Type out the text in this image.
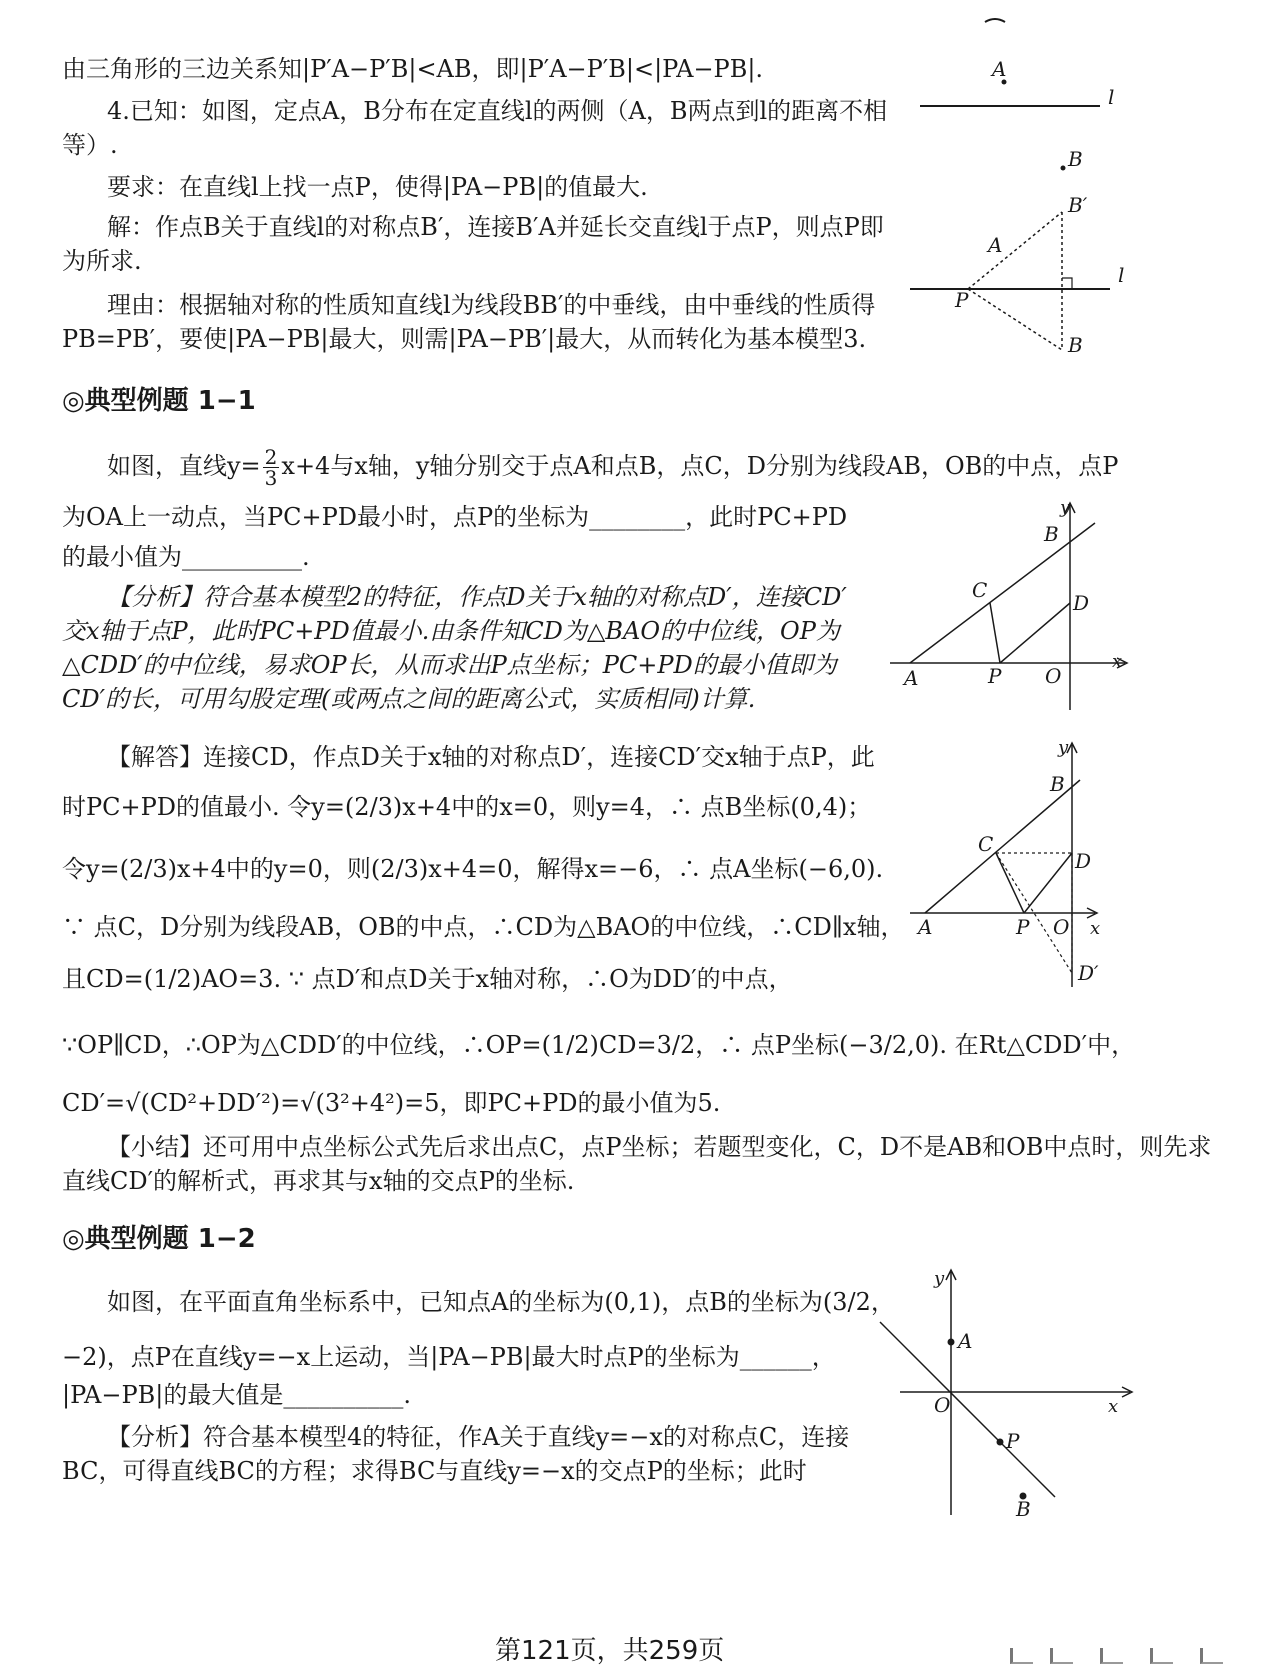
由三角形的三边关系知|P′A−P′B|<AB，即|P′A−P′B|<|PA−PB|.
4.已知：如图，定点A，B分布在定直线l的两侧（A，B两点到l的距离不相等）.
要求：在直线l上找一点P，使得|PA−PB|的值最大.
解：作点B关于直线l的对称点B′，连接B′A并延长交直线l于点P，则点P即为所求.
理由：根据轴对称的性质知直线l为线段BB′的中垂线，由中垂线的性质得PB=PB′，要使|PA−PB|最大，则需|PA−PB′|最大，从而转化为基本模型3.
A
l
B
l
B′
A
P
B
◎典型例题 1−1
如图，直线$y= \frac{2}{3} x+4$与x轴，y轴分别交于点A和点B，点C，D分别为线段AB，OB的中点，点P
为OA上一动点，当PC+PD最小时，点P的坐标为________，此时PC+PD
的最小值为__________.
【分析】符合基本模型2的特征，作点D关于x轴的对称点D′，连接CD′交x轴于点P，此时PC+PD值最小.由条件知CD为△BAO的中位线，OP为△CDD′的中位线，易求OP长，从而求出P点坐标；PC+PD的最小值即为CD′的长，可用勾股定理(或两点之间的距离公式，实质相同)计算.
【解答】连接CD，作点D关于x轴的对称点D′，连接CD′交x轴于点P，此
时PC+PD的值最小. 令y=(2/3)x+4中的x=0，则y=4，∴ 点B坐标(0,4)；
令y=(2/3)x+4中的y=0，则(2/3)x+4=0，解得x=−6，∴ 点A坐标(−6,0).
∵ 点C，D分别为线段AB，OB的中点，∴CD为△BAO的中位线，∴CD∥x轴，
且CD=(1/2)AO=3. ∵ 点D′和点D关于x轴对称，∴O为DD′的中点，
∵OP∥CD，∴OP为△CDD′的中位线，∴OP=(1/2)CD=3/2，∴ 点P坐标(−3/2,0). 在Rt△CDD′中，
CD′=√(CD²+DD′²)=√(3²+4²)=5，即PC+PD的最小值为5.
【小结】还可用中点坐标公式先后求出点C，点P坐标；若题型变化，C，D不是AB和OB中点时，则先求直线CD′的解析式，再求其与x轴的交点P的坐标.
y
x
B
C
D
A	P O
y
x
B
C
D
A	P O
D′
◎典型例题 1−2
如图，在平面直角坐标系中，已知点A的坐标为(0,1)，点B的坐标为(3/2，
−2)，点P在直线y=−x上运动，当|PA−PB|最大时点P的坐标为______，
|PA−PB|的最大值是__________.
【分析】符合基本模型4的特征，作A关于直线y=−x的对称点C，连接BC，可得直线BC的方程；求得BC与直线y=−x的交点P的坐标；此时
y
x
A
O
P
B
第121页，共259页
